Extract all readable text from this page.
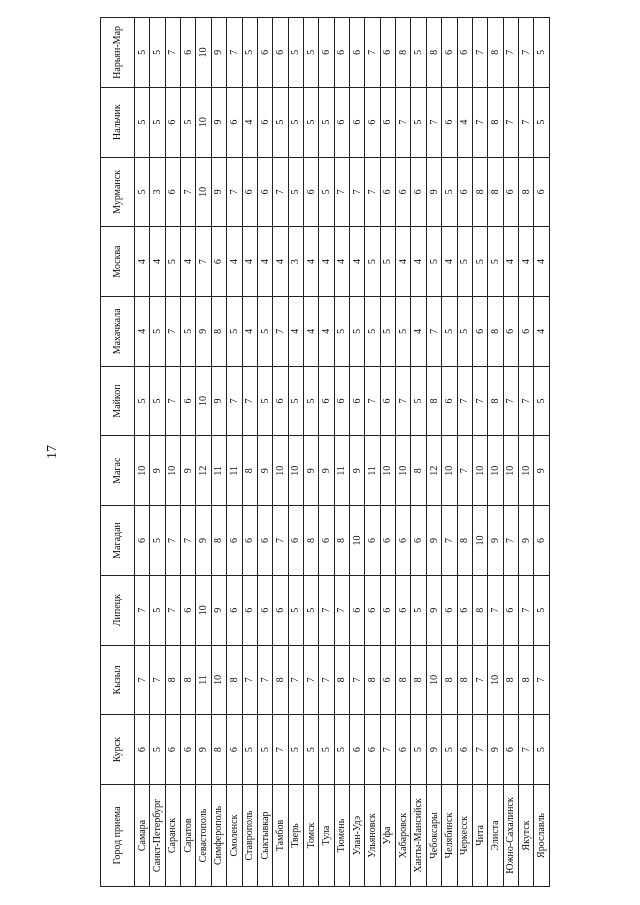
17
Город приема	Курск	Кызыл	Липецк	Магадан	Магас	Майкоп	Махачкала	Москва	Мурманск	Нальчик	Нарьян-Мар
Самара	6	7	7	6	10	5	4	4	5	5	5
Санкт-Петербург	5	7	5	5	9	5	5	4	3	5	5
Саранск	6	8	7	7	10	7	7	5	6	6	7
Саратов	6	8	6	7	9	6	5	4	7	5	6
Севастополь	9	11	10	9	12	10	9	7	10	10	10
Симферополь	8	10	9	8	11	9	8	6	9	9	9
Смоленск	6	8	6	6	11	7	5	4	7	6	7
Ставрополь	5	7	6	6	8	7	4	4	6	4	5
Сыктывкар	5	7	6	6	9	5	5	4	6	6	6
Тамбов	7	8	6	7	10	6	7	4	7	5	6
Тверь	5	7	5	6	10	5	4	3	5	5	5
Томск	5	7	5	8	9	5	4	4	6	5	5
Тула	5	7	7	6	9	6	4	4	5	5	6
Тюмень	5	8	7	8	11	6	5	4	7	6	6
Улан-Удэ	6	7	6	10	9	6	5	4	7	6	6
Ульяновск	6	8	6	6	11	7	5	5	7	6	7
Уфа	7	6	6	6	10	6	5	5	6	6	6
Хабаровск	6	8	6	6	10	7	5	4	6	7	8
Ханты-Мансийск	5	8	5	6	8	5	4	4	6	5	5
Чебоксары	9	10	9	9	12	8	7	5	9	7	8
Челябинск	5	8	6	7	10	6	5	4	5	6	6
Черкесск	6	8	6	8	7	7	5	5	6	4	6
Чита	7	7	8	10	10	7	6	5	8	7	7
Элиста	9	10	7	9	10	8	8	5	8	8	8
Южно-Сахалинск	6	8	6	7	10	7	6	4	6	7	7
Якутск	7	8	7	9	10	7	6	4	8	7	7
Ярославль	5	7	5	6	9	5	4	4	6	5	5
